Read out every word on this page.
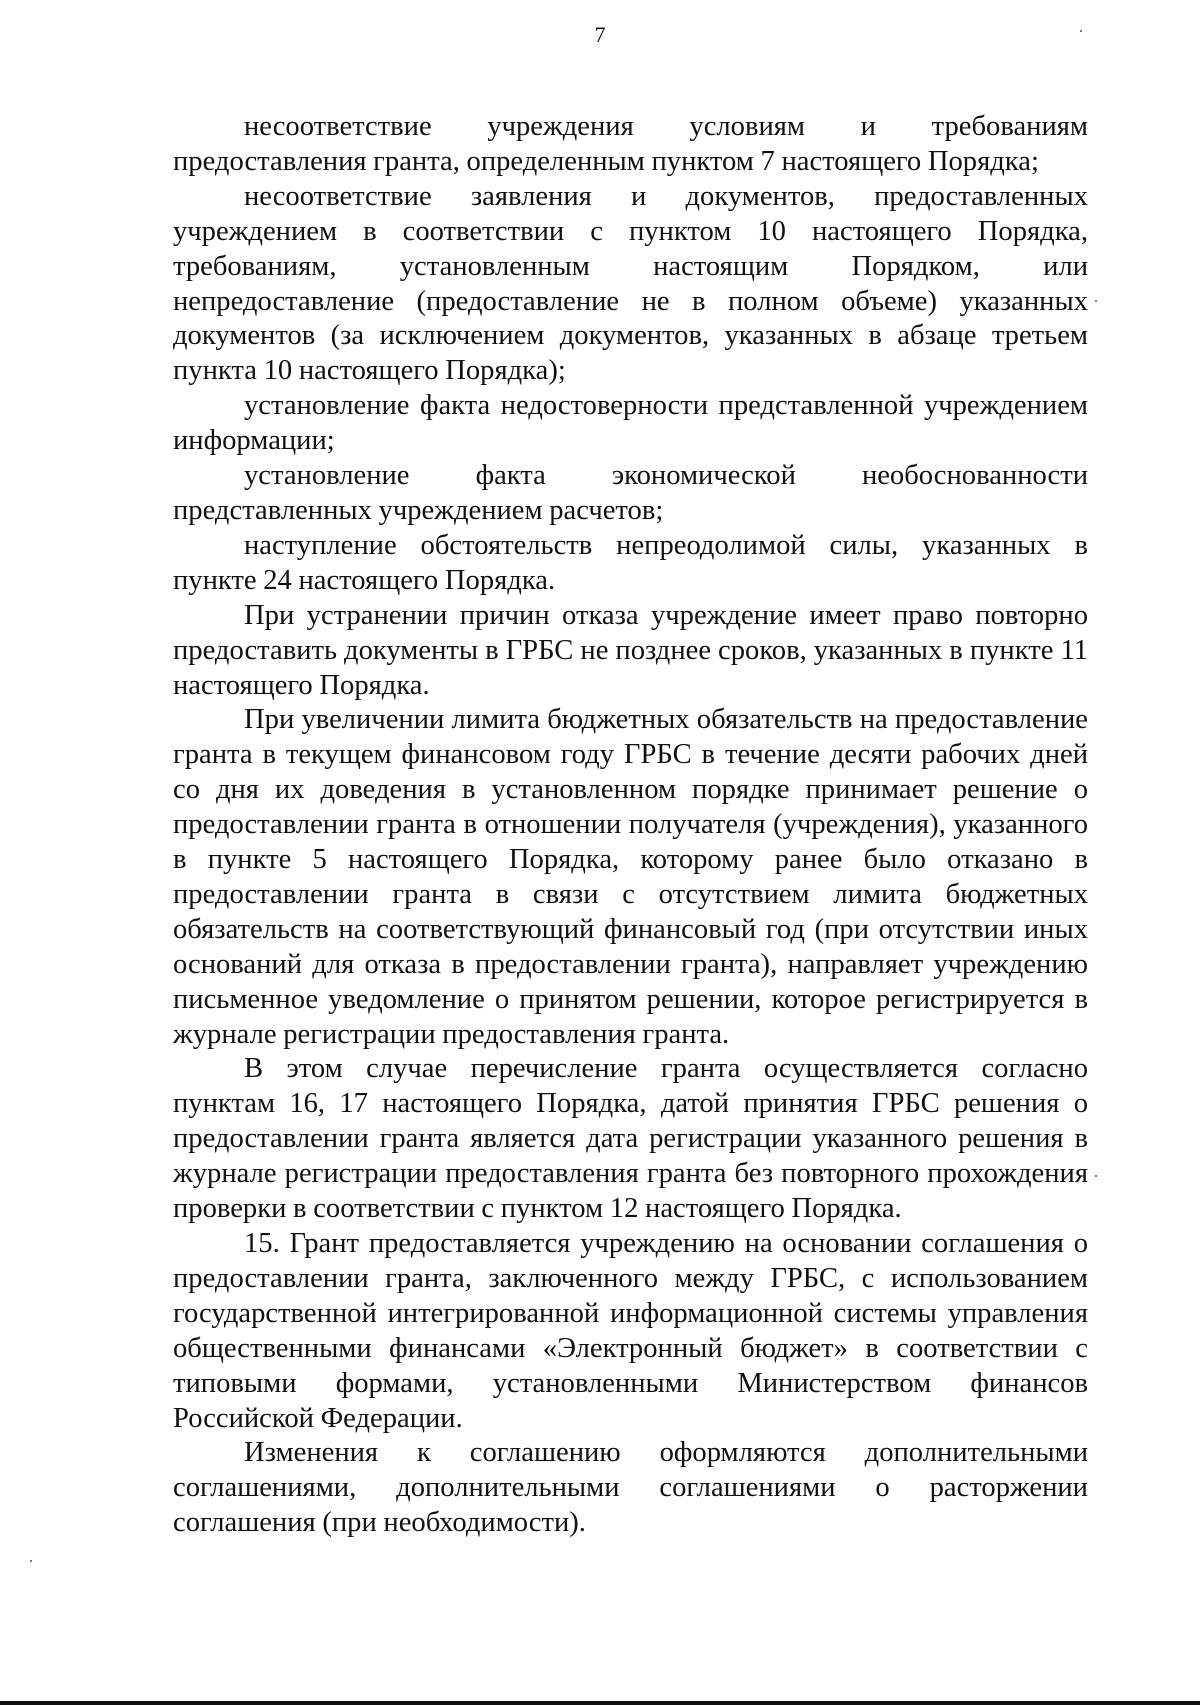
7

несоответствие учреждения условиям и требованиям предоставления гранта, определенным пунктом 7 настоящего Порядка;

несоответствие заявления и документов, предоставленных учреждением в соответствии с пунктом 10 настоящего Порядка, требованиям, установленным настоящим Порядком, или непредоставление (предоставление не в полном объеме) указанных документов (за исключением документов, указанных в абзаце третьем пункта 10 настоящего Порядка);

установление факта недостоверности представленной учреждением информации;

установление факта экономической необоснованности представленных учреждением расчетов;

наступление обстоятельств непреодолимой силы, указанных в пункте 24 настоящего Порядка.

При устранении причин отказа учреждение имеет право повторно предоставить документы в ГРБС не позднее сроков, указанных в пункте 11 настоящего Порядка.

При увеличении лимита бюджетных обязательств на предоставление гранта в текущем финансовом году ГРБС в течение десяти рабочих дней со дня их доведения в установленном порядке принимает решение о предоставлении гранта в отношении получателя (учреждения), указанного в пункте 5 настоящего Порядка, которому ранее было отказано в предоставлении гранта в связи с отсутствием лимита бюджетных обязательств на соответствующий финансовый год (при отсутствии иных оснований для отказа в предоставлении гранта), направляет учреждению письменное уведомление о принятом решении, которое регистрируется в журнале регистрации предоставления гранта.

В этом случае перечисление гранта осуществляется согласно пунктам 16, 17 настоящего Порядка, датой принятия ГРБС решения о предоставлении гранта является дата регистрации указанного решения в журнале регистрации предоставления гранта без повторного прохождения проверки в соответствии с пунктом 12 настоящего Порядка.

15. Грант предоставляется учреждению на основании соглашения о предоставлении гранта, заключенного между ГРБС, с использованием государственной интегрированной информационной системы управления общественными финансами «Электронный бюджет» в соответствии с типовыми формами, установленными Министерством финансов Российской Федерации.

Изменения к соглашению оформляются дополнительными соглашениями, дополнительными соглашениями о расторжении соглашения (при необходимости).
